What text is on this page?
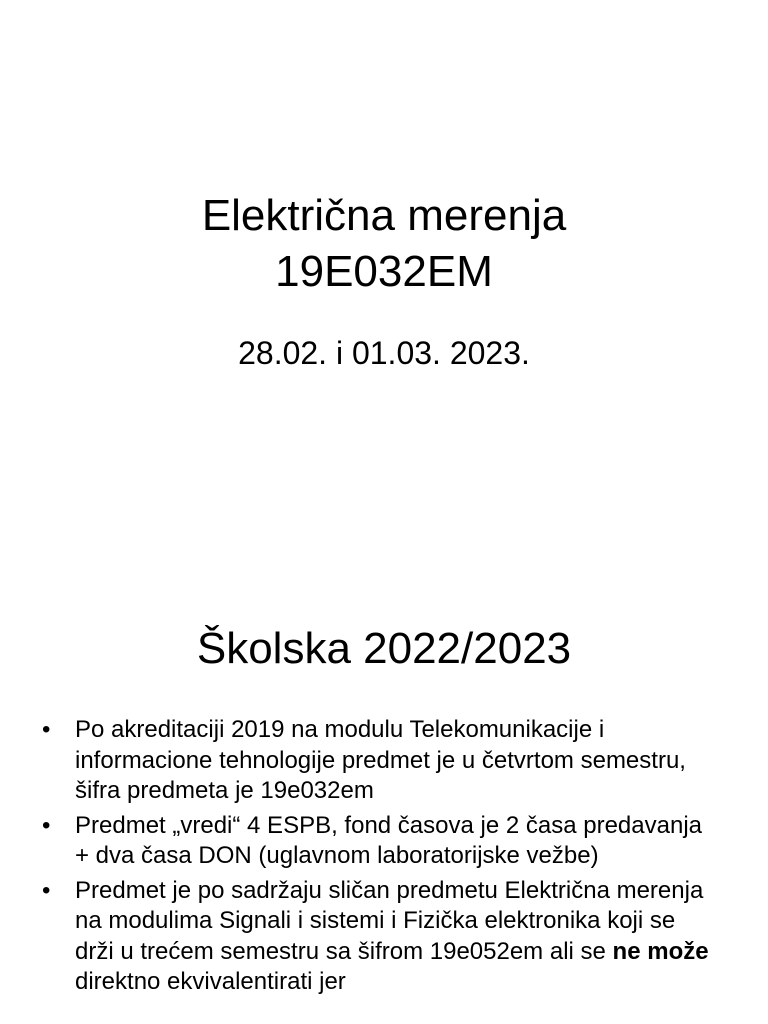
Električna merenja
19E032EM
28.02. i 01.03. 2023.
Školska 2022/2023
• Po akreditaciji 2019 na modulu Telekomunikacije i informacione tehnologije predmet je u četvrtom semestru, šifra predmeta je 19e032em
• Predmet „vredi“ 4 ESPB, fond časova je 2 časa predavanja + dva časa DON (uglavnom laboratorijske vežbe)
• Predmet je po sadržaju sličan predmetu Električna merenja na modulima Signali i sistemi i Fizička elektronika koji se drži u trećem semestru sa šifrom 19e052em ali se ne može direktno ekvivalentirati jer
